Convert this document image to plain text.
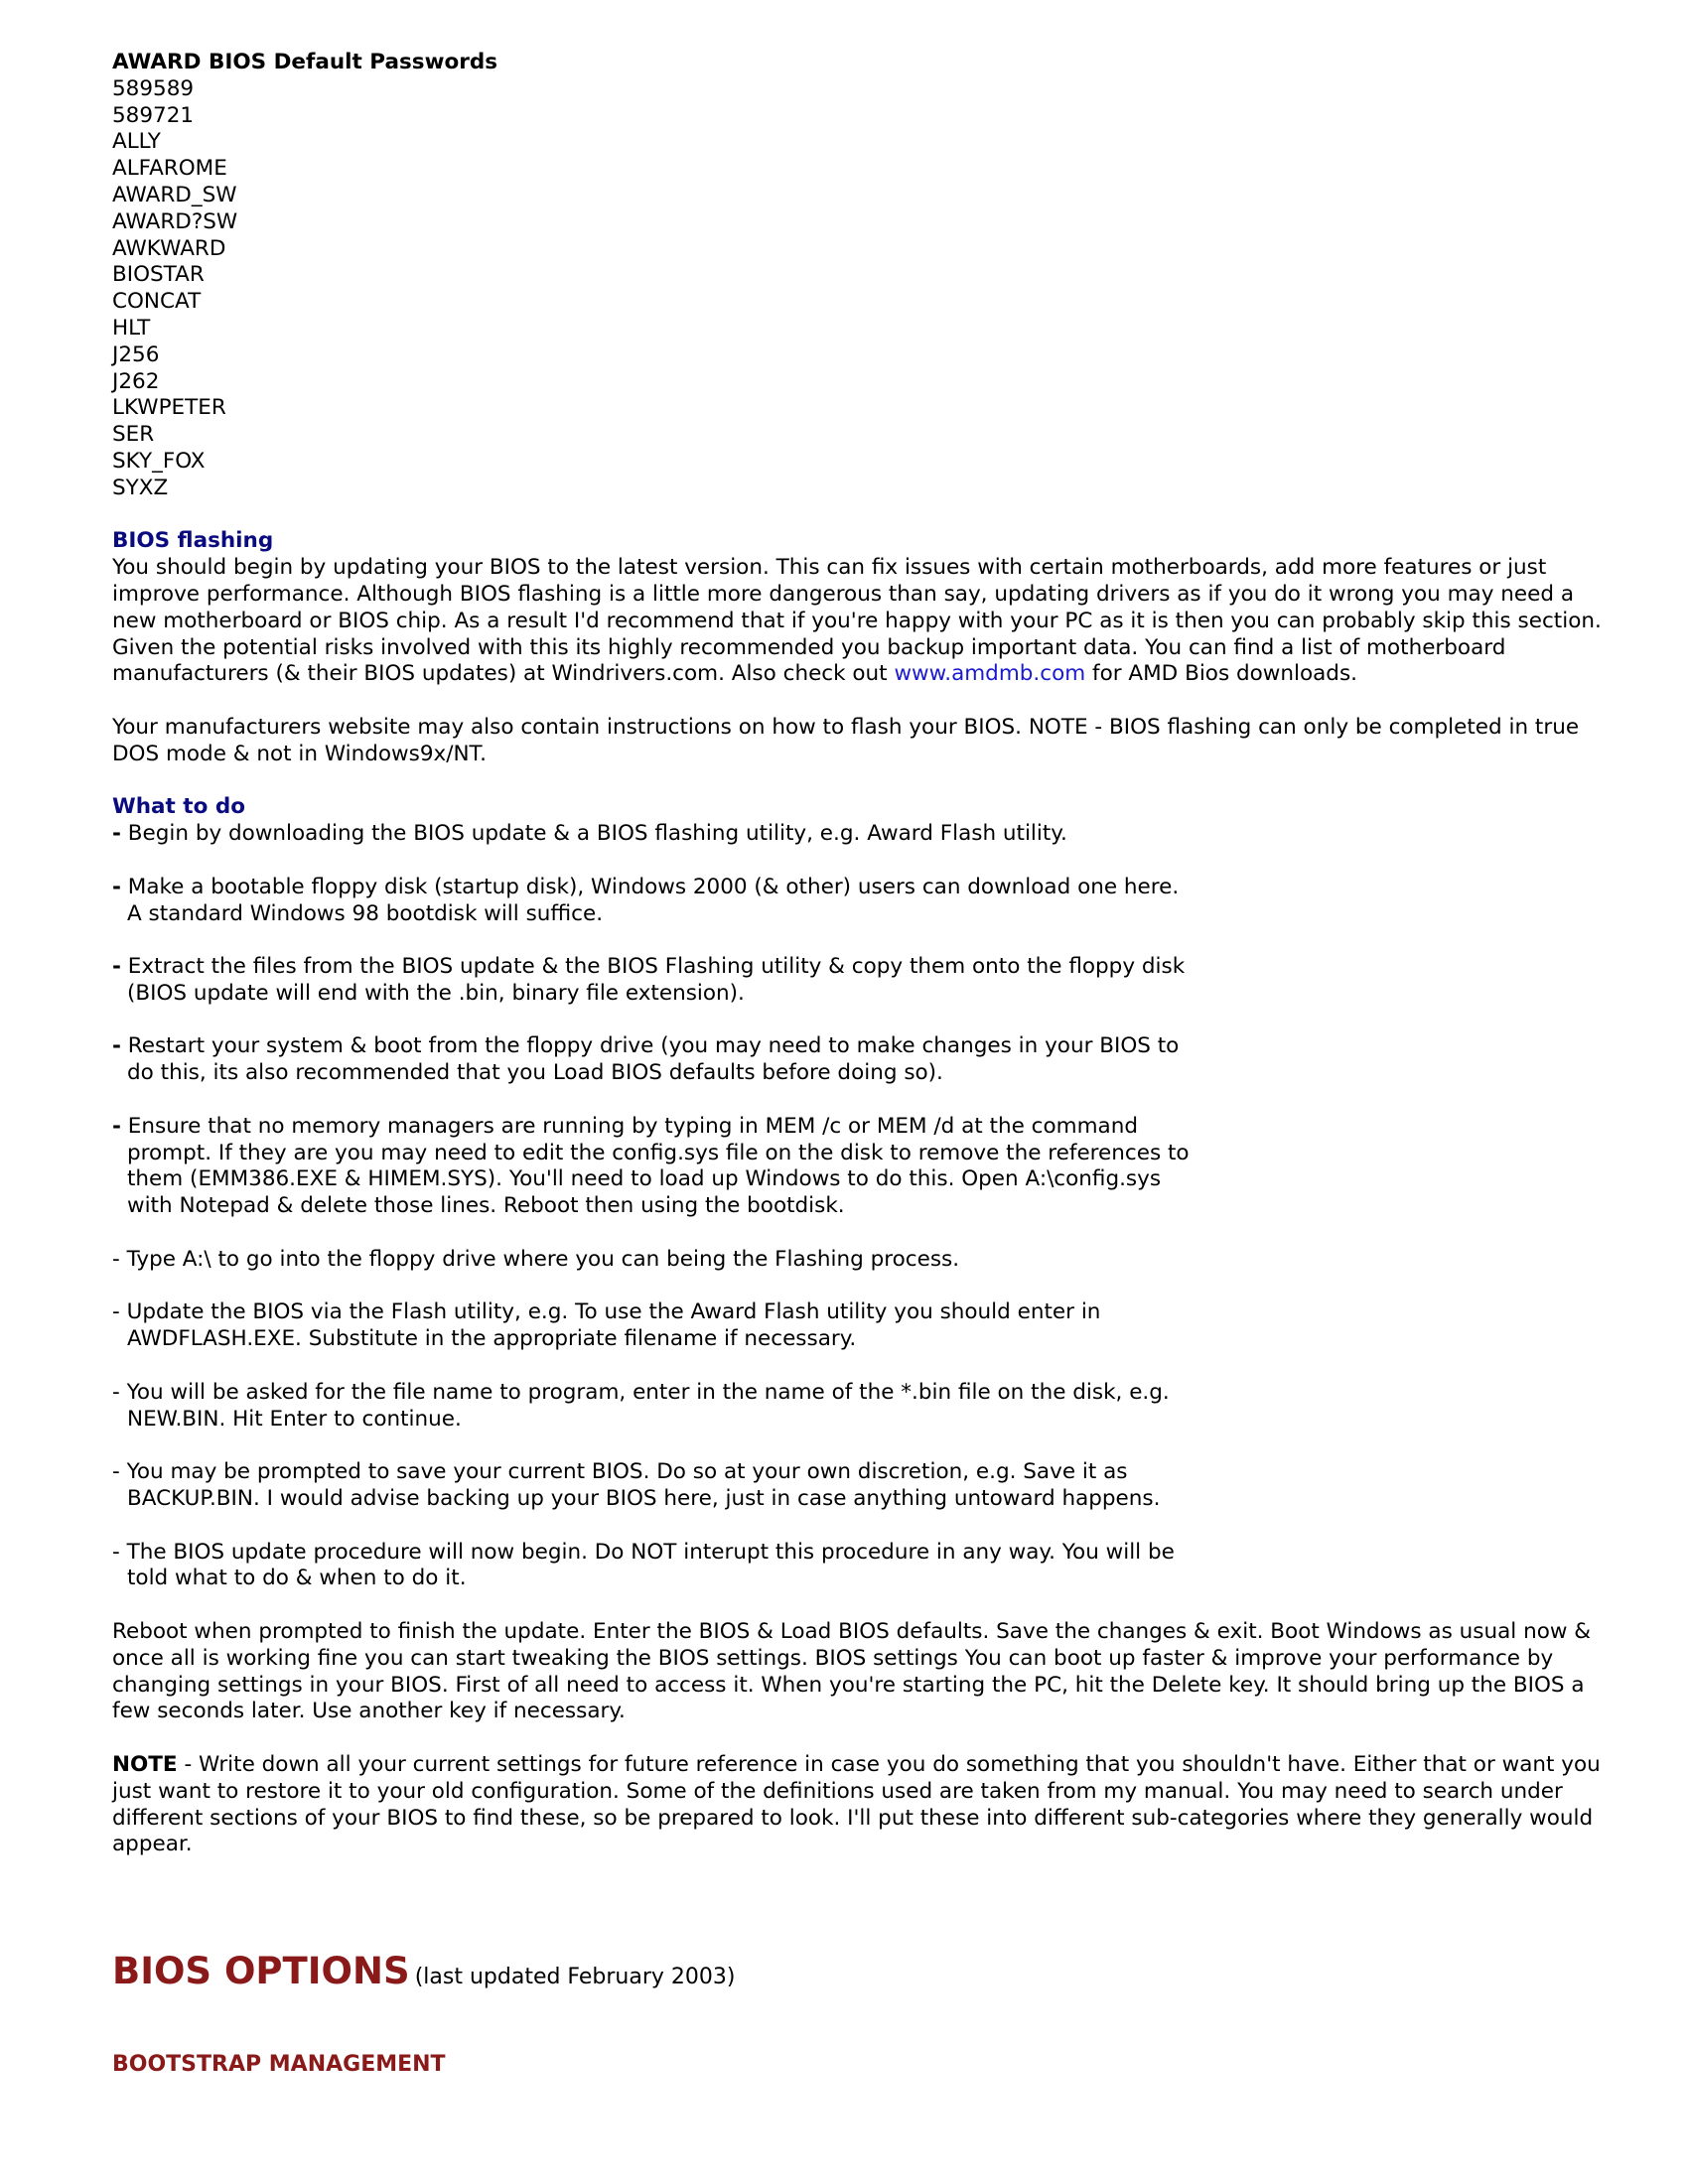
AWARD BIOS Default Passwords
589589
589721
ALLY
ALFAROME
AWARD_SW
AWARD?SW
AWKWARD
BIOSTAR
CONCAT
HLT
J256
J262
LKWPETER
SER
SKY_FOX
SYXZ
BIOS flashing

You should begin by updating your BIOS to the latest version. This can fix issues with certain motherboards, add more features or just improve performance. Although BIOS flashing is a little more dangerous than say, updating drivers as if you do it wrong you may need a new motherboard or BIOS chip. As a result I'd recommend that if you're happy with your PC as it is then you can probably skip this section. Given the potential risks involved with this its highly recommended you backup important data. You can find a list of motherboard manufacturers (& their BIOS updates) at Windrivers.com. Also check out www.amdmb.com for AMD Bios downloads.

Your manufacturers website may also contain instructions on how to flash your BIOS. NOTE - BIOS flashing can only be completed in true DOS mode & not in Windows9x/NT.

What to do
- Begin by downloading the BIOS update & a BIOS flashing utility, e.g. Award Flash utility.
- Make a bootable floppy disk (startup disk), Windows 2000 (& other) users can download one here.
A standard Windows 98 bootdisk will suffice.
- Extract the files from the BIOS update & the BIOS Flashing utility & copy them onto the floppy disk
(BIOS update will end with the .bin, binary file extension).
- Restart your system & boot from the floppy drive (you may need to make changes in your BIOS to
do this, its also recommended that you Load BIOS defaults before doing so).
- Ensure that no memory managers are running by typing in MEM /c or MEM /d at the command
prompt. If they are you may need to edit the config.sys file on the disk to remove the references to
them (EMM386.EXE & HIMEM.SYS). You'll need to load up Windows to do this. Open A:\config.sys
with Notepad & delete those lines. Reboot then using the bootdisk.
- Type A:\ to go into the floppy drive where you can being the Flashing process.
- Update the BIOS via the Flash utility, e.g. To use the Award Flash utility you should enter in
AWDFLASH.EXE. Substitute in the appropriate filename if necessary.
- You will be asked for the file name to program, enter in the name of the *.bin file on the disk, e.g.
NEW.BIN. Hit Enter to continue.
- You may be prompted to save your current BIOS. Do so at your own discretion, e.g. Save it as
BACKUP.BIN. I would advise backing up your BIOS here, just in case anything untoward happens.
- The BIOS update procedure will now begin. Do NOT interupt this procedure in any way. You will be
told what to do & when to do it.

Reboot when prompted to finish the update. Enter the BIOS & Load BIOS defaults. Save the changes & exit. Boot Windows as usual now & once all is working fine you can start tweaking the BIOS settings. BIOS settings You can boot up faster & improve your performance by changing settings in your BIOS. First of all need to access it. When you're starting the PC, hit the Delete key. It should bring up the BIOS a few seconds later. Use another key if necessary.

NOTE - Write down all your current settings for future reference in case you do something that you shouldn't have. Either that or want you just want to restore it to your old configuration. Some of the definitions used are taken from my manual. You may need to search under different sections of your BIOS to find these, so be prepared to look. I'll put these into different sub-categories where they generally would appear.

BIOS OPTIONS (last updated February 2003)
BOOTSTRAP MANAGEMENT
